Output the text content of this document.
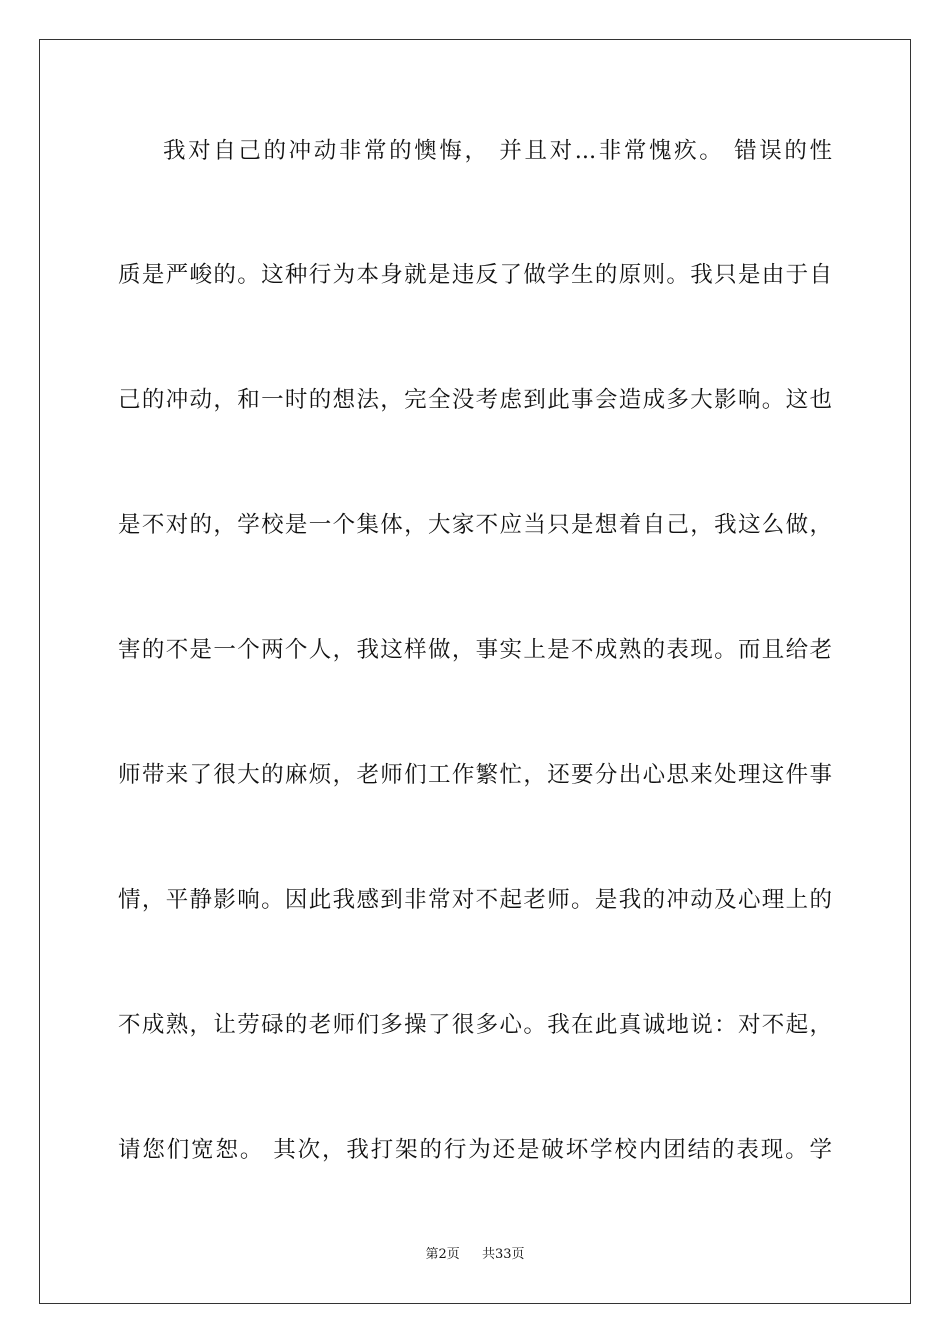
我对自己的冲动非常的懊悔， 并且对...非常愧疚。 错误的性
质是严峻的。这种行为本身就是违反了做学生的原则。我只是由于自
己的冲动，和一时的想法，完全没考虑到此事会造成多大影响。这也
是不对的，学校是一个集体，大家不应当只是想着自己，我这么做，
害的不是一个两个人，我这样做，事实上是不成熟的表现。而且给老
师带来了很大的麻烦，老师们工作繁忙，还要分出心思来处理这件事
情，平静影响。因此我感到非常对不起老师。是我的冲动及心理上的
不成熟，让劳碌的老师们多操了很多心。我在此真诚地说：对不起，
请您们宽恕。 其次，我打架的行为还是破坏学校内团结的表现。学
第2页 共33页
